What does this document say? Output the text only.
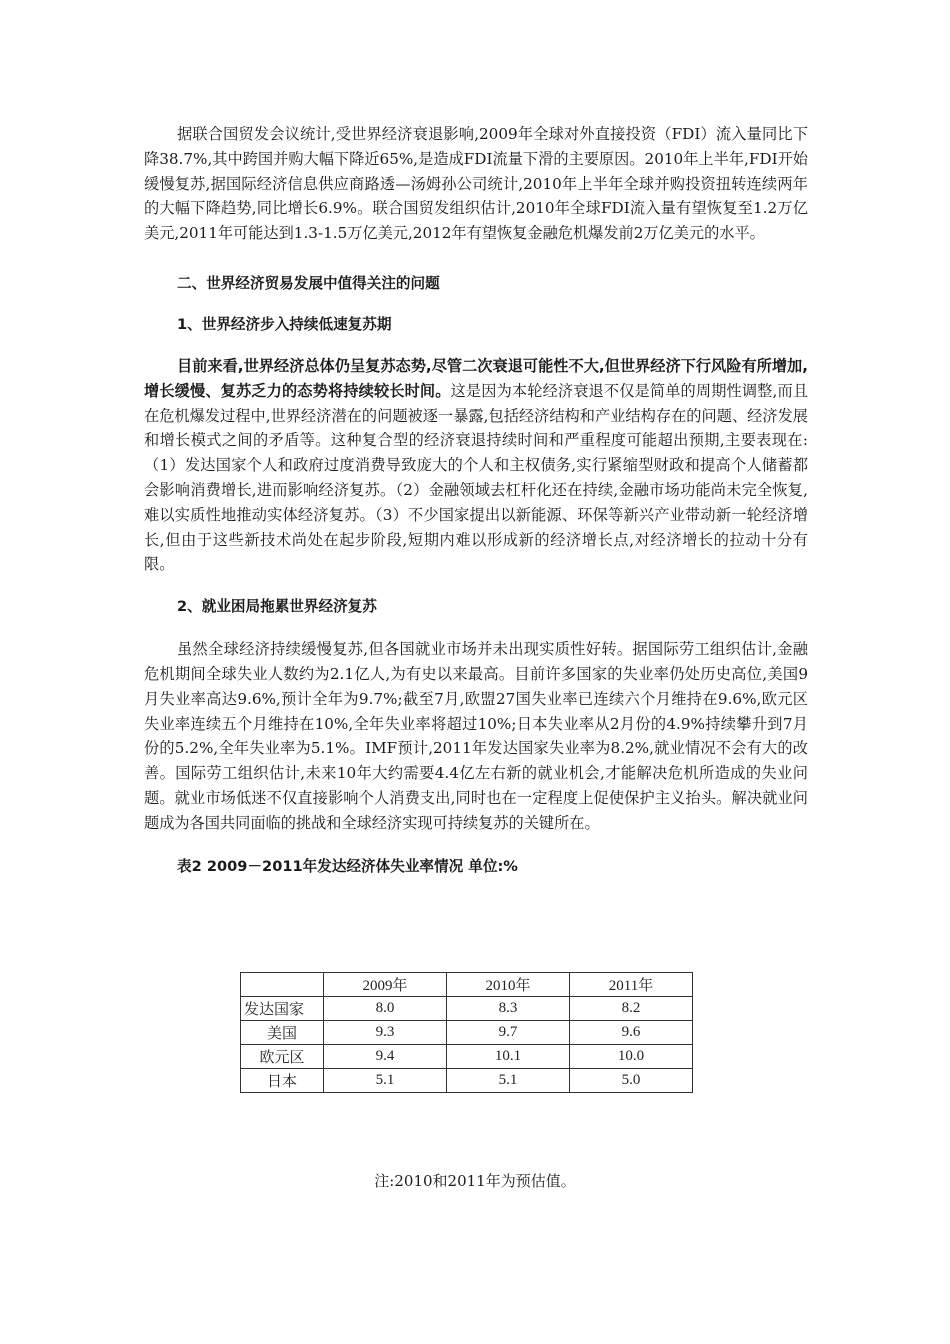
据联合国贸发会议统计,受世界经济衰退影响,2009年全球对外直接投资（FDI）流入量同比下降38.7%,其中跨国并购大幅下降近65%,是造成FDI流量下滑的主要原因。2010年上半年,FDI开始缓慢复苏,据国际经济信息供应商路透—汤姆孙公司统计,2010年上半年全球并购投资扭转连续两年的大幅下降趋势,同比增长6.9%。联合国贸发组织估计,2010年全球FDI流入量有望恢复至1.2万亿美元,2011年可能达到1.3-1.5万亿美元,2012年有望恢复金融危机爆发前2万亿美元的水平。

二、世界经济贸易发展中值得关注的问题

1、世界经济步入持续低速复苏期

目前来看,世界经济总体仍呈复苏态势,尽管二次衰退可能性不大,但世界经济下行风险有所增加,增长缓慢、复苏乏力的态势将持续较长时间。这是因为本轮经济衰退不仅是简单的周期性调整,而且在危机爆发过程中,世界经济潜在的问题被逐一暴露,包括经济结构和产业结构存在的问题、经济发展和增长模式之间的矛盾等。这种复合型的经济衰退持续时间和严重程度可能超出预期,主要表现在:（1）发达国家个人和政府过度消费导致庞大的个人和主权债务,实行紧缩型财政和提高个人储蓄都会影响消费增长,进而影响经济复苏。（2）金融领域去杠杆化还在持续,金融市场功能尚未完全恢复,难以实质性地推动实体经济复苏。（3）不少国家提出以新能源、环保等新兴产业带动新一轮经济增长,但由于这些新技术尚处在起步阶段,短期内难以形成新的经济增长点,对经济增长的拉动十分有限。

2、就业困局拖累世界经济复苏

虽然全球经济持续缓慢复苏,但各国就业市场并未出现实质性好转。据国际劳工组织估计,金融危机期间全球失业人数约为2.1亿人,为有史以来最高。目前许多国家的失业率仍处历史高位,美国9月失业率高达9.6%,预计全年为9.7%;截至7月,欧盟27国失业率已连续六个月维持在9.6%,欧元区失业率连续五个月维持在10%,全年失业率将超过10%;日本失业率从2月份的4.9%持续攀升到7月份的5.2%,全年失业率为5.1%。IMF预计,2011年发达国家失业率为8.2%,就业情况不会有大的改善。国际劳工组织估计,未来10年大约需要4.4亿左右新的就业机会,才能解决危机所造成的失业问题。就业市场低迷不仅直接影响个人消费支出,同时也在一定程度上促使保护主义抬头。解决就业问题成为各国共同面临的挑战和全球经济实现可持续复苏的关键所在。

表2 2009－2011年发达经济体失业率情况 单位:%

	2009年	2010年	2011年
发达国家	8.0	8.3	8.2
美国	9.3	9.7	9.6
欧元区	9.4	10.1	10.0
日本	5.1	5.1	5.0

注:2010和2011年为预估值。
